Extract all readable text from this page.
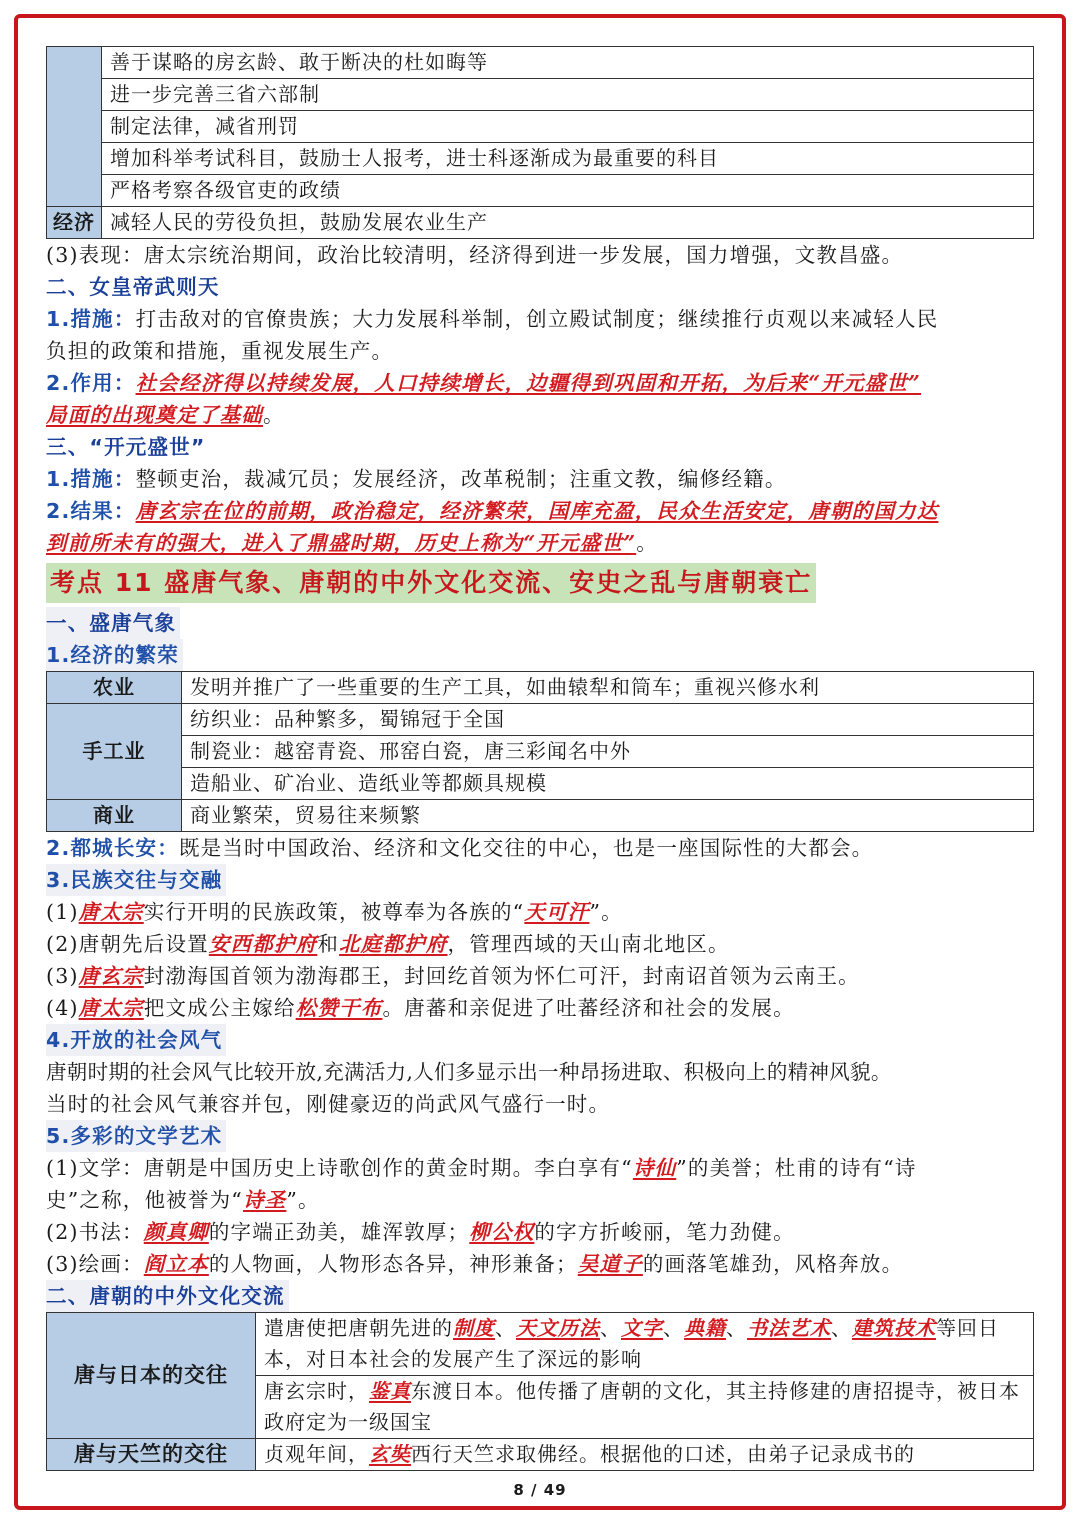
	善于谋略的房玄龄、敢于断决的杜如晦等
	进一步完善三省六部制
	制定法律，减省刑罚
	增加科举考试科目，鼓励士人报考，进士科逐渐成为最重要的科目
	严格考察各级官吏的政绩
经济	减轻人民的劳役负担，鼓励发展农业生产
(3)表现：唐太宗统治期间，政治比较清明，经济得到进一步发展，国力增强，文教昌盛。
二、女皇帝武则天
1.措施：打击敌对的官僚贵族；大力发展科举制，创立殿试制度；继续推行贞观以来减轻人民
负担的政策和措施，重视发展生产。
2.作用：社会经济得以持续发展，人口持续增长，边疆得到巩固和开拓，为后来“开元盛世”
局面的出现奠定了基础。
三、“开元盛世”
1.措施：整顿吏治，裁减冗员；发展经济，改革税制；注重文教，编修经籍。
2.结果：唐玄宗在位的前期，政治稳定，经济繁荣，国库充盈，民众生活安定，唐朝的国力达
到前所未有的强大，进入了鼎盛时期，历史上称为“开元盛世”。
考点 11 盛唐气象、唐朝的中外文化交流、安史之乱与唐朝衰亡
一、盛唐气象
1.经济的繁荣
农业	发明并推广了一些重要的生产工具，如曲辕犁和筒车；重视兴修水利
手工业	纺织业：品种繁多，蜀锦冠于全国
	制瓷业：越窑青瓷、邢窑白瓷，唐三彩闻名中外
	造船业、矿冶业、造纸业等都颇具规模
商业	商业繁荣，贸易往来频繁
2.都城长安：既是当时中国政治、经济和文化交往的中心，也是一座国际性的大都会。
3.民族交往与交融
(1)唐太宗实行开明的民族政策，被尊奉为各族的“天可汗”。
(2)唐朝先后设置安西都护府和北庭都护府，管理西域的天山南北地区。
(3)唐玄宗封渤海国首领为渤海郡王，封回纥首领为怀仁可汗，封南诏首领为云南王。
(4)唐太宗把文成公主嫁给松赞干布。唐蕃和亲促进了吐蕃经济和社会的发展。
4.开放的社会风气
唐朝时期的社会风气比较开放,充满活力,人们多显示出一种昂扬进取、积极向上的精神风貌。
当时的社会风气兼容并包，刚健豪迈的尚武风气盛行一时。
5.多彩的文学艺术
(1)文学：唐朝是中国历史上诗歌创作的黄金时期。李白享有“诗仙”的美誉；杜甫的诗有“诗
史”之称，他被誉为“诗圣”。
(2)书法：颜真卿的字端正劲美，雄浑敦厚；柳公权的字方折峻丽，笔力劲健。
(3)绘画：阎立本的人物画，人物形态各异，神形兼备；吴道子的画落笔雄劲，风格奔放。
二、唐朝的中外文化交流
唐与日本的交往	遣唐使把唐朝先进的制度、天文历法、文字、典籍、书法艺术、建筑技术等回日本，对日本社会的发展产生了深远的影响
	唐玄宗时，鉴真东渡日本。他传播了唐朝的文化，其主持修建的唐招提寺，被日本政府定为一级国宝
唐与天竺的交往	贞观年间，玄奘西行天竺求取佛经。根据他的口述，由弟子记录成书的
8 / 49
